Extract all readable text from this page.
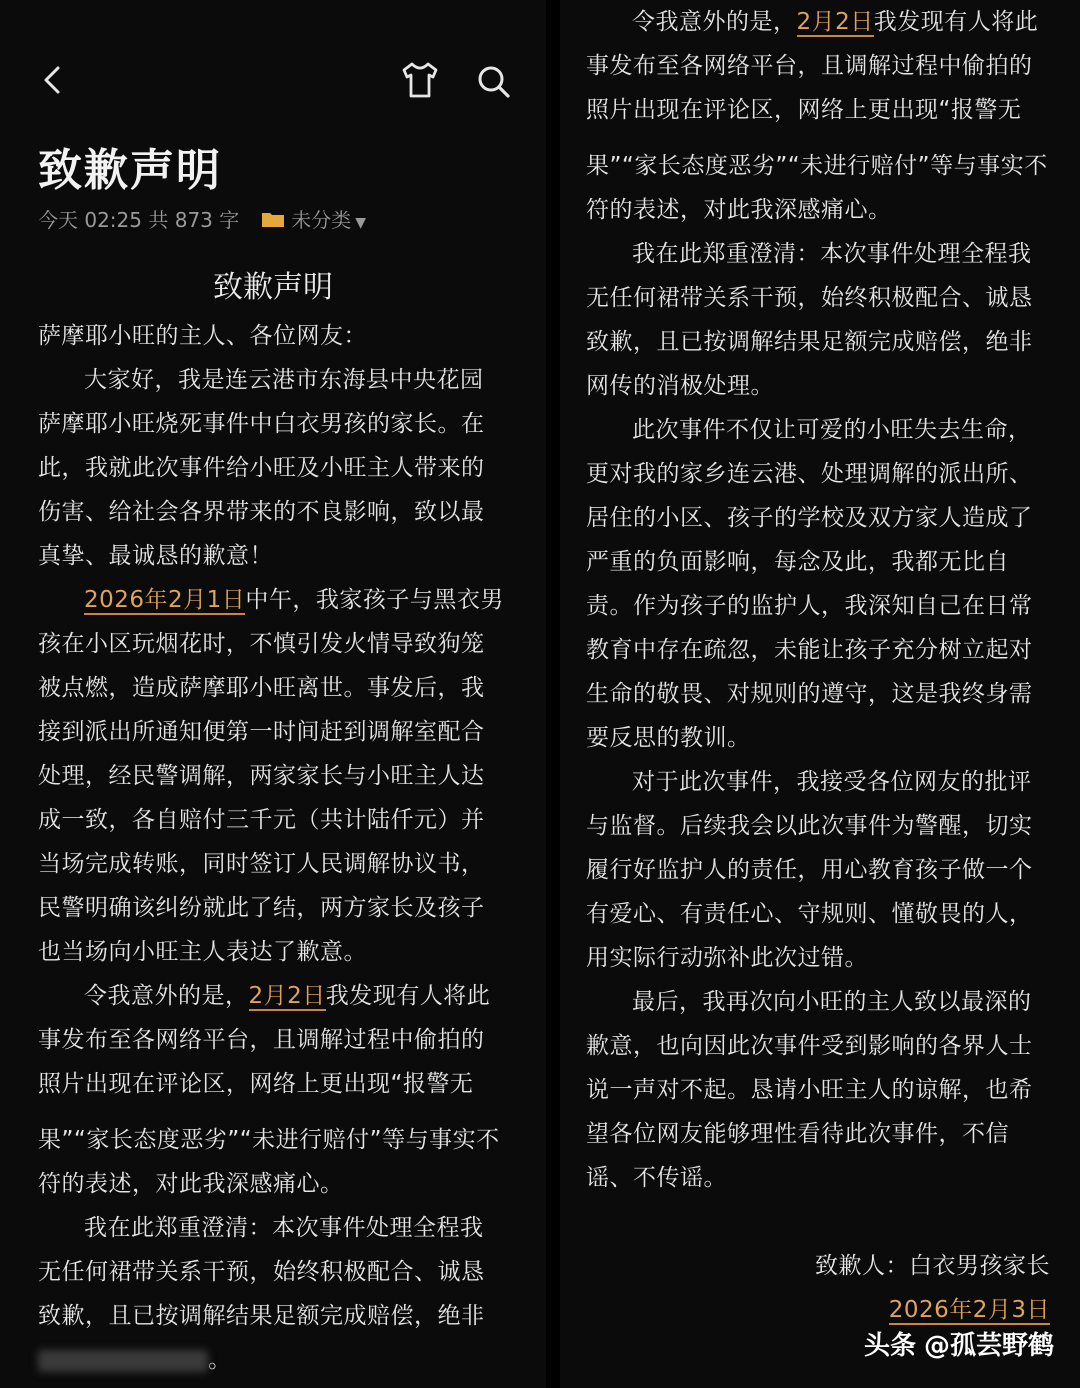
致歉声明
今天 02:25
共 873 字	未分类 ▼
致歉声明
萨摩耶小旺的主人、各位网友：
大家好，我是连云港市东海县中央花园
萨摩耶小旺烧死事件中白衣男孩的家长。在
此，我就此次事件给小旺及小旺主人带来的
伤害、给社会各界带来的不良影响，致以最
真挚、最诚恳的歉意！
2026年2月1日中午，我家孩子与黑衣男
孩在小区玩烟花时，不慎引发火情导致狗笼
被点燃，造成萨摩耶小旺离世。事发后，我
接到派出所通知便第一时间赶到调解室配合
处理，经民警调解，两家家长与小旺主人达
成一致，各自赔付三千元（共计陆仟元）并
当场完成转账，同时签订人民调解协议书，
民警明确该纠纷就此了结，两方家长及孩子
也当场向小旺主人表达了歉意。
令我意外的是，2月2日我发现有人将此
事发布至各网络平台，且调解过程中偷拍的
照片出现在评论区，网络上更出现“报警无
果”“家长态度恶劣”“未进行赔付”等与事实不
符的表述，对此我深感痛心。
我在此郑重澄清：本次事件处理全程我
无任何裙带关系干预，始终积极配合、诚恳
致歉，且已按调解结果足额完成赔偿，绝非
。
令我意外的是，2月2日我发现有人将此
事发布至各网络平台，且调解过程中偷拍的
照片出现在评论区，网络上更出现“报警无
果”“家长态度恶劣”“未进行赔付”等与事实不
符的表述，对此我深感痛心。
我在此郑重澄清：本次事件处理全程我
无任何裙带关系干预，始终积极配合、诚恳
致歉，且已按调解结果足额完成赔偿，绝非
网传的消极处理。
此次事件不仅让可爱的小旺失去生命，
更对我的家乡连云港、处理调解的派出所、
居住的小区、孩子的学校及双方家人造成了
严重的负面影响，每念及此，我都无比自
责。作为孩子的监护人，我深知自己在日常
教育中存在疏忽，未能让孩子充分树立起对
生命的敬畏、对规则的遵守，这是我终身需
要反思的教训。
对于此次事件，我接受各位网友的批评
与监督。后续我会以此次事件为警醒，切实
履行好监护人的责任，用心教育孩子做一个
有爱心、有责任心、守规则、懂敬畏的人，
用实际行动弥补此次过错。
最后，我再次向小旺的主人致以最深的
歉意，也向因此次事件受到影响的各界人士
说一声对不起。恳请小旺主人的谅解，也希
望各位网友能够理性看待此次事件，不信
谣、不传谣。
致歉人：白衣男孩家长
2026年2月3日
头条 @孤芸野鹤
